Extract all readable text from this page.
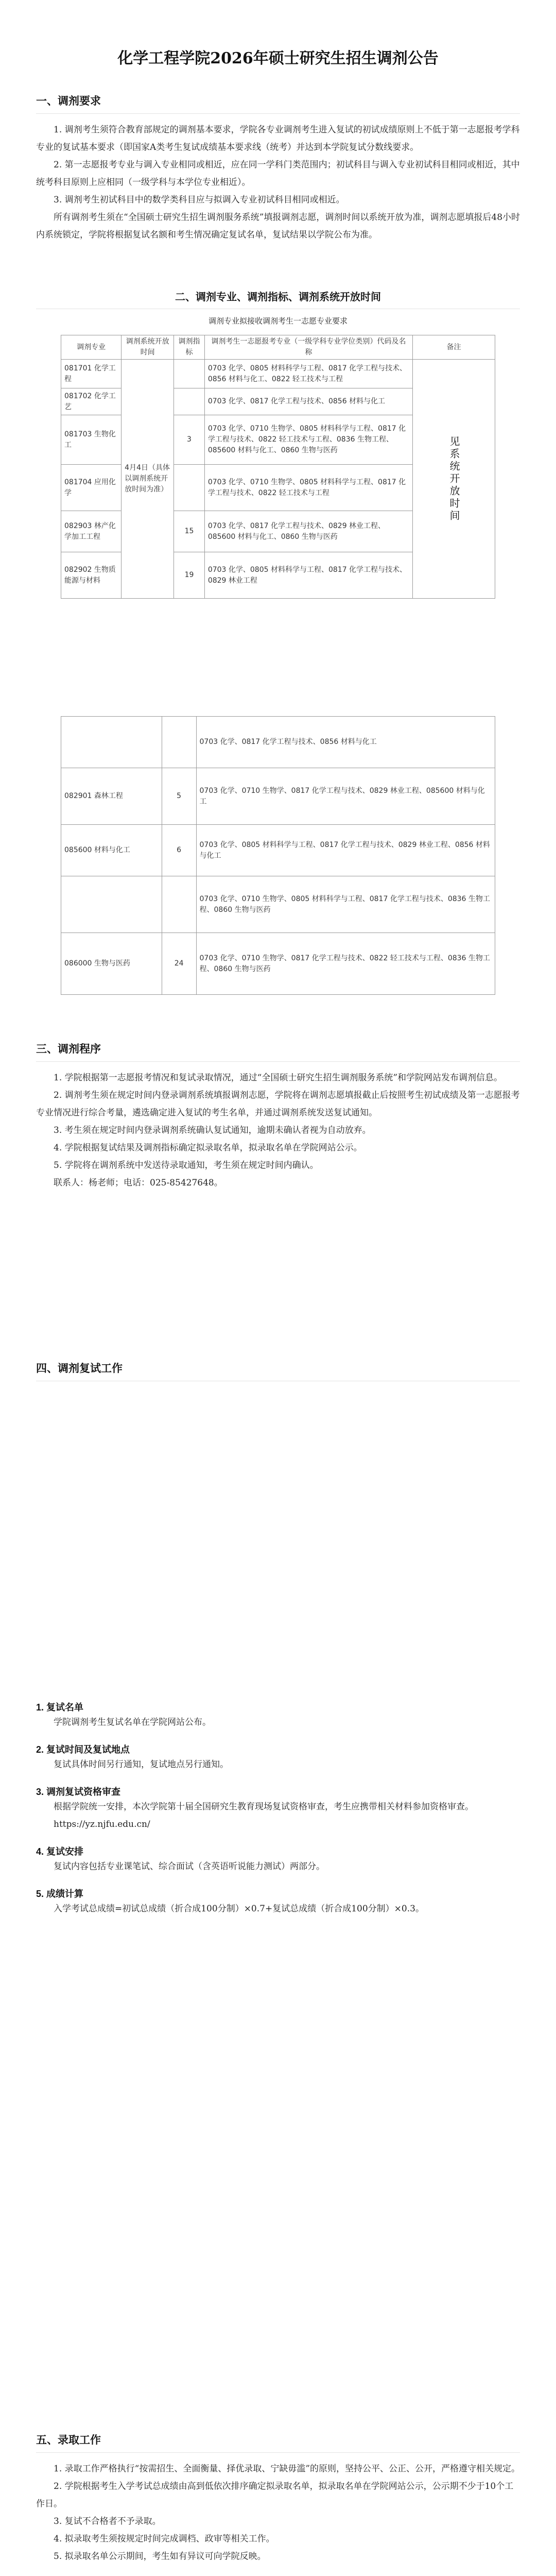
化学工程学院2026年硕士研究生招生调剂公告
一、调剂要求

1. 调剂考生须符合教育部规定的调剂基本要求，学院各专业调剂考生进入复试的初试成绩原则上不低于第一志愿报考学科专业的复试基本要求（即国家A类考生复试成绩基本要求线（统考）并达到本学院复试分数线要求。

2. 第一志愿报考专业与调入专业相同或相近，应在同一学科门类范围内；初试科目与调入专业初试科目相同或相近，其中统考科目原则上应相同（一级学科与本学位专业相近）。

3. 调剂考生初试科目中的数学类科目应与拟调入专业初试科目相同或相近。

所有调剂考生须在“全国硕士研究生招生调剂服务系统”填报调剂志愿，调剂时间以系统开放为准，调剂志愿填报后48小时内系统锁定，学院将根据复试名额和考生情况确定复试名单，复试结果以学院公布为准。

二、调剂专业、调剂指标、调剂系统开放时间
调剂专业拟接收调剂考生一志愿专业要求
调剂专业	调剂系统开放时间	调剂指标	调剂考生一志愿报考专业（一级学科专业学位类别）代码及名称	备注
081701 化学工程	4月4日（具体以调剂系统开放时间为准）		0703 化学、0805 材料科学与工程、0817 化学工程与技术、0856 材料与化工、0822 轻工技术与工程	见系统开放时间
081702 化学工艺			0703 化学、0817 化学工程与技术、0856 材料与化工	
081703 生物化工		3	0703 化学、0710 生物学、0805 材料科学与工程、0817 化学工程与技术、0822 轻工技术与工程、0836 生物工程、085600 材料与化工、0860 生物与医药	
081704 应用化学			0703 化学、0710 生物学、0805 材料科学与工程、0817 化学工程与技术、0822 轻工技术与工程	
082903 林产化学加工工程		15	0703 化学、0817 化学工程与技术、0829 林业工程、085600 材料与化工、0860 生物与医药	
082902 生物质能源与材料		19	0703 化学、0805 材料科学与工程、0817 化学工程与技术、0829 林业工程	
		0703 化学、0817 化学工程与技术、0856 材料与化工
082901 森林工程	5	0703 化学、0710 生物学、0817 化学工程与技术、0829 林业工程、085600 材料与化工
085600 材料与化工	6	0703 化学、0805 材料科学与工程、0817 化学工程与技术、0829 林业工程、0856 材料与化工
		0703 化学、0710 生物学、0805 材料科学与工程、0817 化学工程与技术、0836 生物工程、0860 生物与医药
086000 生物与医药	24	0703 化学、0710 生物学、0817 化学工程与技术、0822 轻工技术与工程、0836 生物工程、0860 生物与医药
三、调剂程序

1. 学院根据第一志愿报考情况和复试录取情况，通过“全国硕士研究生招生调剂服务系统”和学院网站发布调剂信息。

2. 调剂考生须在规定时间内登录调剂系统填报调剂志愿，学院将在调剂志愿填报截止后按照考生初试成绩及第一志愿报考专业情况进行综合考量，遴选确定进入复试的考生名单，并通过调剂系统发送复试通知。

3. 考生须在规定时间内登录调剂系统确认复试通知，逾期未确认者视为自动放弃。

4. 学院根据复试结果及调剂指标确定拟录取名单，拟录取名单在学院网站公示。

5. 学院将在调剂系统中发送待录取通知，考生须在规定时间内确认。

联系人：杨老师；电话：025-85427648。

四、调剂复试工作
1. 复试名单

学院调剂考生复试名单在学院网站公布。

2. 复试时间及复试地点

复试具体时间另行通知，复试地点另行通知。

3. 调剂复试资格审查

根据学院统一安排，本次学院第十届全国研究生教育现场复试资格审查，考生应携带相关材料参加资格审查。

https://yz.njfu.edu.cn/

4. 复试安排

复试内容包括专业课笔试、综合面试（含英语听说能力测试）两部分。

5. 成绩计算

入学考试总成绩=初试总成绩（折合成100分制）×0.7+复试总成绩（折合成100分制）×0.3。

五、录取工作

1. 录取工作严格执行“按需招生、全面衡量、择优录取、宁缺毋滥”的原则，坚持公平、公正、公开，严格遵守相关规定。

2. 学院根据考生入学考试总成绩由高到低依次排序确定拟录取名单，拟录取名单在学院网站公示，公示期不少于10个工作日。

3. 复试不合格者不予录取。

4. 拟录取考生须按规定时间完成调档、政审等相关工作。

5. 拟录取名单公示期间，考生如有异议可向学院反映。
